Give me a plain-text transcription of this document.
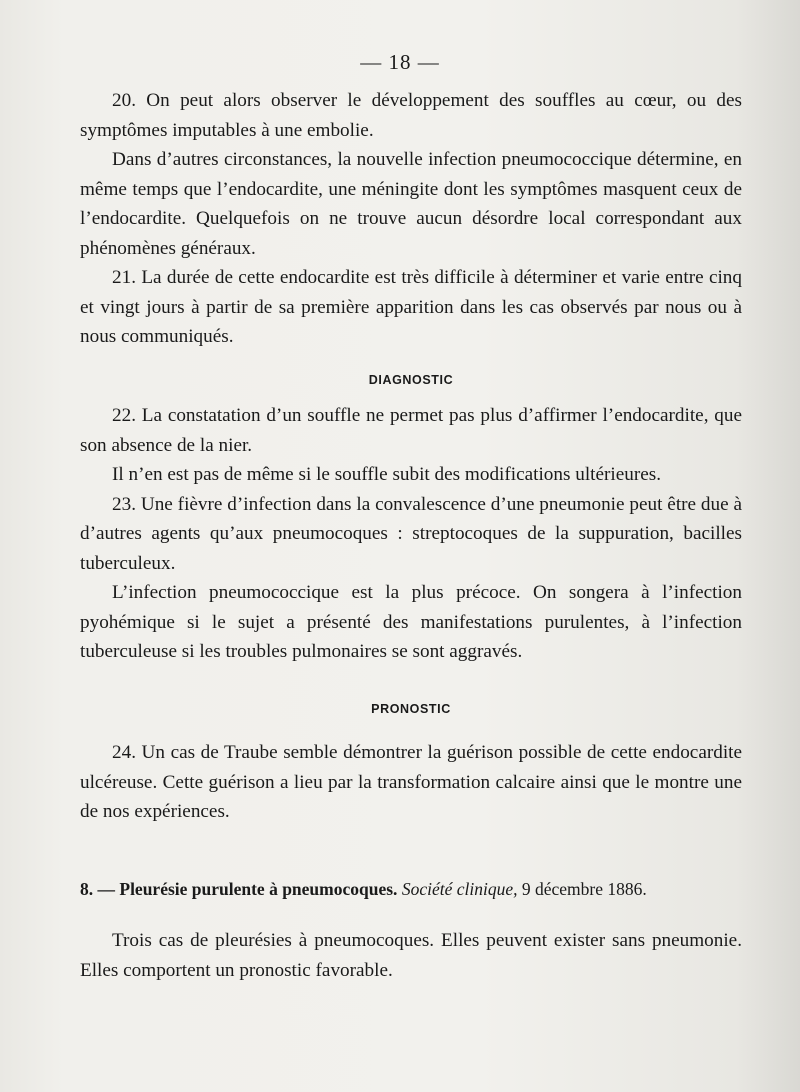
— 18 —

20. On peut alors observer le développement des souffles au cœur, ou des symptômes imputables à une embolie.

Dans d’autres circonstances, la nouvelle infection pneumococcique détermine, en même temps que l’endocardite, une méningite dont les symptômes masquent ceux de l’endocardite. Quelquefois on ne trouve aucun désordre local correspondant aux phénomènes généraux.

21. La durée de cette endocardite est très difficile à déterminer et varie entre cinq et vingt jours à partir de sa première apparition dans les cas observés par nous ou à nous communiqués.

DIAGNOSTIC

22. La constatation d’un souffle ne permet pas plus d’affirmer l’endocardite, que son absence de la nier.

Il n’en est pas de même si le souffle subit des modifications ultérieures.

23. Une fièvre d’infection dans la convalescence d’une pneumonie peut être due à d’autres agents qu’aux pneumocoques : streptocoques de la suppuration, bacilles tuberculeux.

L’infection pneumococcique est la plus précoce. On songera à l’infection pyohémique si le sujet a présenté des manifestations purulentes, à l’infection tuberculeuse si les troubles pulmonaires se sont aggravés.

PRONOSTIC

24. Un cas de Traube semble démontrer la guérison possible de cette endocardite ulcéreuse. Cette guérison a lieu par la transformation calcaire ainsi que le montre une de nos expériences.

8. — Pleurésie purulente à pneumocoques. Société clinique, 9 décembre 1886.

Trois cas de pleurésies à pneumocoques. Elles peuvent exister sans pneumonie. Elles comportent un pronostic favorable.
